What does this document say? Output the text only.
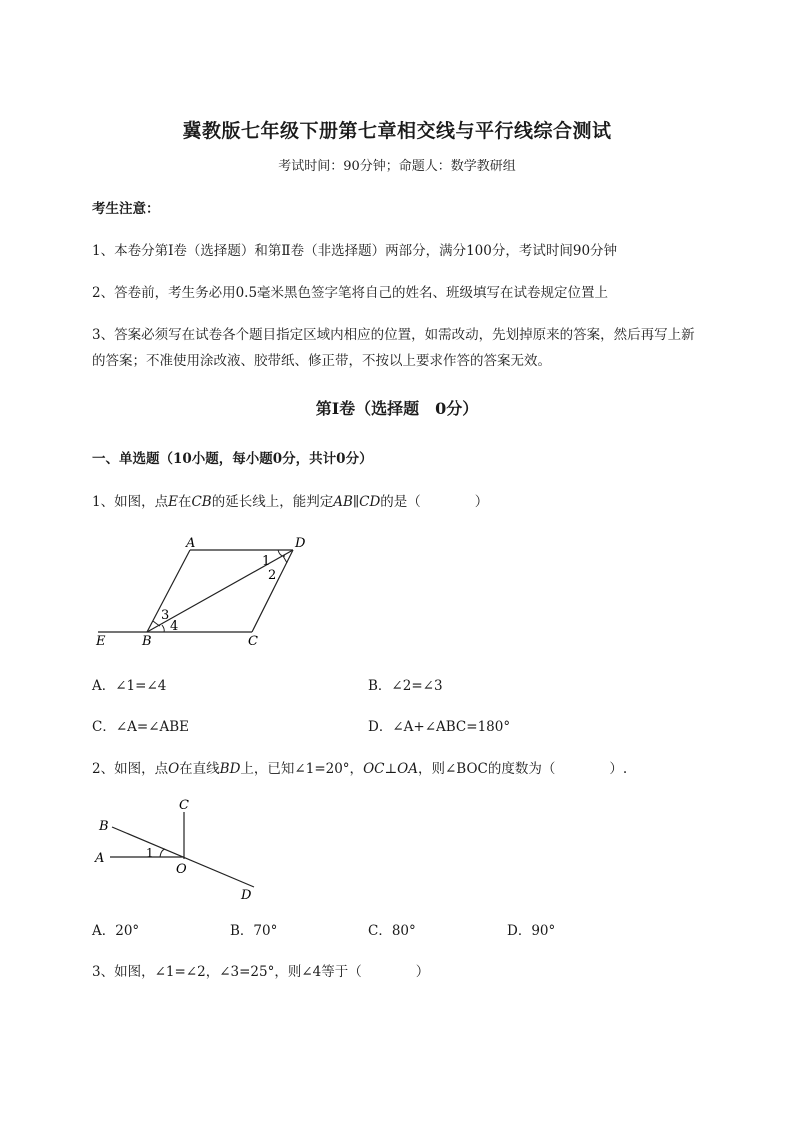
冀教版七年级下册第七章相交线与平行线综合测试
考试时间：90分钟；命题人：数学教研组
考生注意：
1、本卷分第Ⅰ卷（选择题）和第Ⅱ卷（非选择题）两部分，满分100分，考试时间90分钟
2、答卷前，考生务必用0.5毫米黑色签字笔将自己的姓名、班级填写在试卷规定位置上
3、答案必须写在试卷各个题目指定区域内相应的位置，如需改动，先划掉原来的答案，然后再写上新
的答案；不准使用涂改液、胶带纸、修正带，不按以上要求作答的答案无效。
第Ⅰ卷（选择题　0分）
一、单选题（10小题，每小题0分，共计0分）
1、如图，点E在CB的延长线上，能判定AB∥CD的是（　　　　）
A	D
E	B	C
1
2
3
4
A．∠1=∠4	B．∠2=∠3
C．∠A=∠ABE	D．∠A+∠ABC=180°
2、如图，点O在直线BD上，已知∠1=20°，OC⊥OA，则∠BOC的度数为（　　　　）.
C
B
A	1
O
D
A．20°	B．70°	C．80°	D．90°
3、如图，∠1=∠2，∠3=25°，则∠4等于（　　　　）
